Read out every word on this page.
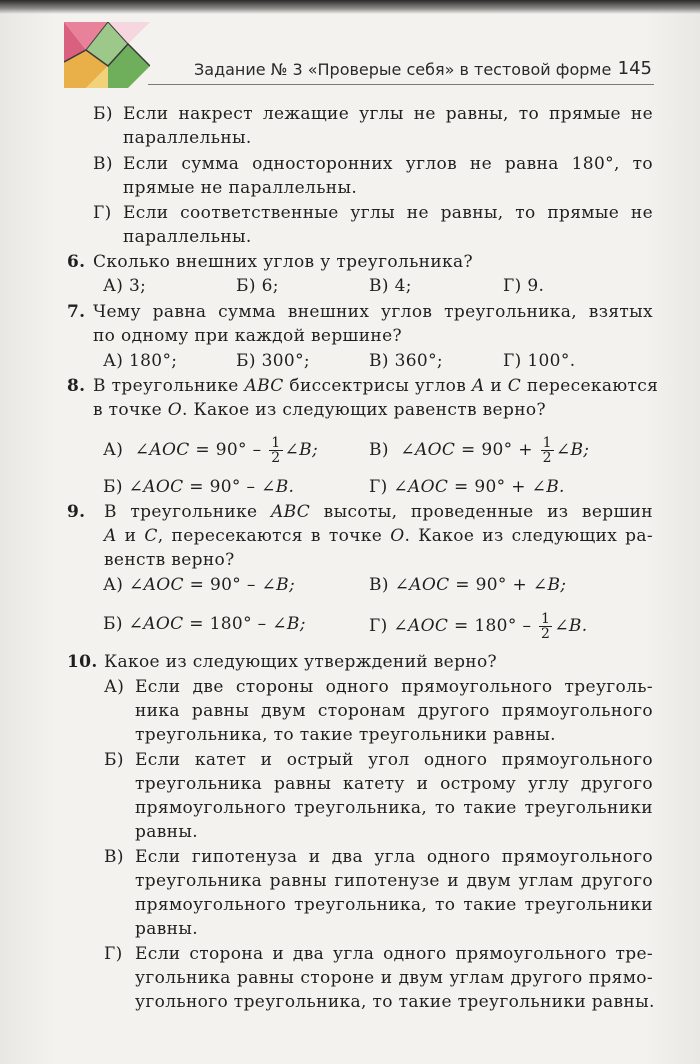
Задание № 3 «Проверые себя» в тестовой форме 145
Б) Если накрест лежащие углы не равны, то прямые не
параллельны.
В) Если сумма односторонних углов не равна 180°, то
прямые не параллельны.
Г) Если соответственные углы не равны, то прямые не
параллельны.
6. Сколько внешних углов у треугольника?
А) 3;	Б) 6;	В) 4;	Г) 9.
7. Чему равна сумма внешних углов треугольника, взятых
по одному при каждой вершине?
А) 180°;	Б) 300°;	В) 360°;	Г) 100°.
8. В треугольнике ABC биссектрисы углов A и C пересекаются
в точке O. Какое из следующих равенств верно?
А) ∠AOC = $90^\circ - \frac{1}{2}$ ∠B;	В) ∠AOC = $90^\circ + \frac{1}{2}$ ∠B;
Б) ∠AOC = 90° – ∠B.	Г) ∠AOC = 90° + ∠B.
9. В треугольнике ABC высоты, проведенные из вершин
A и C, пересекаются в точке O. Какое из следующих ра-
венств верно?
А) ∠AOC = 90° – ∠B;	В) ∠AOC = 90° + ∠B;
Б) ∠AOC = 180° – ∠B;	Г) ∠AOC = $180^\circ - \frac{1}{2}$ ∠B.
10. Какое из следующих утверждений верно?
А) Если две стороны одного прямоугольного треуголь-
ника равны двум сторонам другого прямоугольного
треугольника, то такие треугольники равны.
Б) Если катет и острый угол одного прямоугольного
треугольника равны катету и острому углу другого
прямоугольного треугольника, то такие треугольники
равны.
В) Если гипотенуза и два угла одного прямоугольного
треугольника равны гипотенузе и двум углам другого
прямоугольного треугольника, то такие треугольники
равны.
Г) Если сторона и два угла одного прямоугольного тре-
угольника равны стороне и двум углам другого прямо-
угольного треугольника, то такие треугольники равны.
